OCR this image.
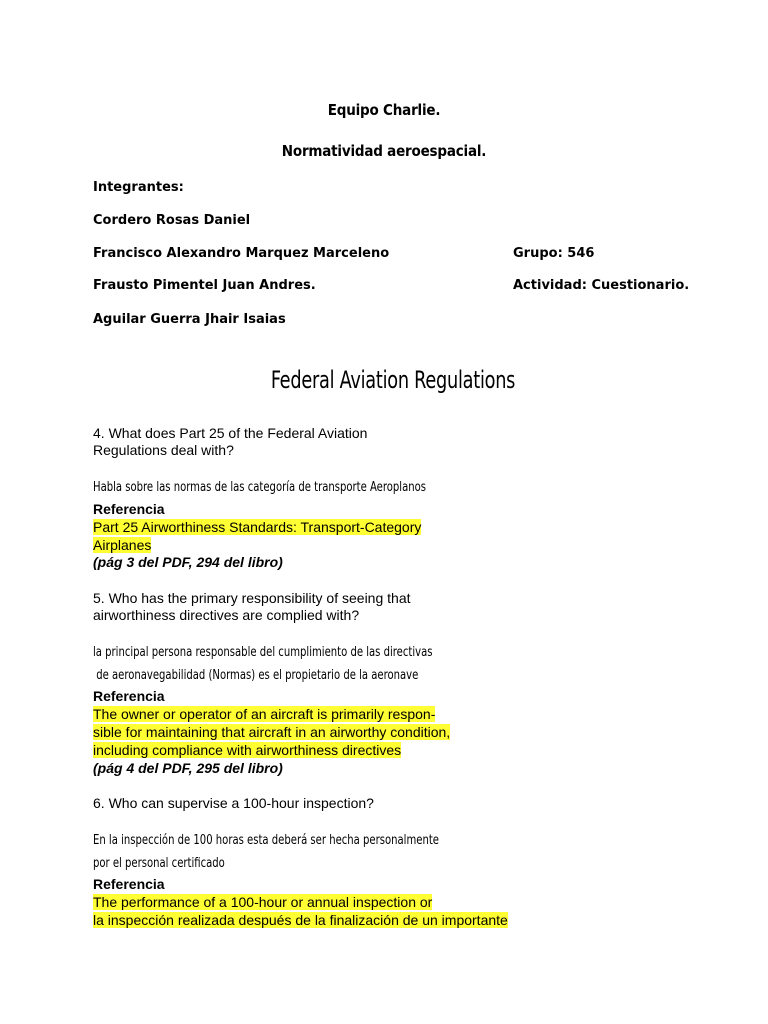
Equipo Charlie.
Normatividad aeroespacial.
Integrantes:
Cordero Rosas Daniel
Francisco Alexandro Marquez Marceleno	Grupo: 546
Frausto Pimentel Juan Andres.	Actividad: Cuestionario.
Aguilar Guerra Jhair Isaias
Federal Aviation Regulations
4. What does Part 25 of the Federal Aviation
Regulations deal with?
Habla sobre las normas de las categoría de transporte Aeroplanos
Referencia
Part 25 Airworthiness Standards: Transport-Category
Airplanes
(pág 3 del PDF, 294 del libro)
5. Who has the primary responsibility of seeing that
airworthiness directives are complied with?
la principal persona responsable del cumplimiento de las directivas
de aeronavegabilidad (Normas) es el propietario de la aeronave
Referencia
The owner or operator of an aircraft is primarily respon-
sible for maintaining that aircraft in an airworthy condition,
including compliance with airworthiness directives
(pág 4 del PDF, 295 del libro)
6. Who can supervise a 100-hour inspection?
En la inspección de 100 horas esta deberá ser hecha personalmente
por el personal certificado
Referencia
The performance of a 100-hour or annual inspection or
la inspección realizada después de la finalización de un importante
